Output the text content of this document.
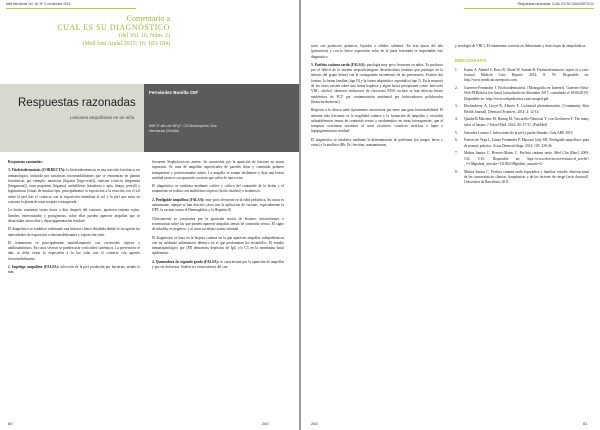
Med fam Andal Vol. 16, Nº 3, noviembre 2015
Comentario a
CUAL ES SU DIAGNÓSTICO
(del Vol. 16, Núm. 2)
(Med fam Andal 2015; 16: 183-184)
Respuestas razonadas
Lesiones ampollosas en un niño
Fernández Bonilla CM¹
MIR 3º año de MFyC. CS Montequinto. Dos Hermanas (Sevilla)

Respuestas razonadas:

3. Fitofotodermatosis (CORRECTA): la fitofotodermatosis es una reacción fototóxica, no inmunológica, inducida por sustancias fotosensibilizantes que se encuentran en plantas fototóxicas, por ejemplo: moráceas (higuera [higo-seuil]), rutáceas (cítricos bergamota [bergamota]), otras purpúreas (higuera), umbelíferas (zanahoria y apio, hinojo, perejil) y leguminosas (frutas de muchas tipo, principalmente la exposición a la reacción con el sol sobre la piel tras el contacto con la exposición inmediata al sol y la piel que entra en contacto la planta de estar mojada o transpirada.

La lesión comienza varias horas o días después del contacto, aparecen eritema rojizo, lineales, entrecruzadas y pruriginosas, sobre ellas pueden aparecer ampollas que se desarrollan varios días y dejan pigmentación residual.

El diagnóstico se establece realizando una historia clínica detallada dónde se recogerán los antecedentes de exposición a fotosensibilizantes y exposición solar.

El tratamiento se principalmente antiinflamatorio con corticoides tópicos y antihistamínicos. En casos severos se pueden usar corticoides sistémicos. La prevención se dan, se debe evitar la exposición a la luz solar tras el contacto con agentes fotosensibilizantes.

1. Impétigo ampolloso (FALSA): infección de la piel producida por bacterias, siendo la más

frecuente Staphylococcus aureus. Se caracteriza por la aparición de lesiones en zonas expuestas. Se trata de ampollas superficiales de paredes finas y contenido primero transparente y posteriormente turbio. La ampolla se rompe fácilmente y deja una lesión residual erosiva con aparición costrosa que cubre de una costra.

El diagnóstico se confirma mediante cultivo y cultivo del contenido de la lesión y el tratamiento se realiza con antibióticos tópicos (ácido fusídico) o sistémicos.

2. Penfigoide ampolloso (FALSA): muy poco frecuente en la edad pediátrica. Su causa es autoinmune, aunque se han descrito casos tras la aplicación de vacunas, especialmente la DPT, la vacuna contra el Haemophilus y la Hepatitis B.

Clínicamente se caracteriza por la aparición inicial de lesiones urticariformes o eccematosas sobre las que pueden aparecer ampollas tensas de contenido seroso. El signo de nikolsky es negativo, y al curar no dejan cicatriz residual.

El diagnóstico se basa en la biopsia cutánea en la que aparecen ampollas subepidérmicas con un infiltrado inflamatorio dérmico en el que predominan los eosinófilos. El estudio inmunopatológico por IFD demuestra depósitos de IgG y/o C3 en la membrana basal epidérmica.

4. Quemadura de segundo grado (FALSA): se caracterizan por la aparición de ampollas y por ser dolorosas. Suelen ser consecuencia del con-

80	282
Respuestas razonadas: CUAL ES SU DIAGNÓSTICO

tacto con productos químicos, líquidos o sólidos calientes. En esta época del año (primavera) y con la breve exposición solar de la parte lesionada se improbable este diagnóstico.

5. Porfiria cutánea tarda (FALSA): patología muy poco frecuente en niños. Es producto por el déficit de la enzima uroporfirinógeno decarboxilasa (enzima que participa en la síntesis del grupo hemo) con el consiguiente incremento de las precursores. Existen dos formas: la forma familiar (tipo II) y la forma adquirida o esporádica (tipo I). En la mayoría de los casos existen sobre una forma hepática y algún factor precipitante como: infección VHC, alcohol, fármacos inductores de citocromo P450, incluso se han descrito brotes epidémicos de PCT por contaminación ambiental por hidrocarburos policlorados (hexaclorobenceno).

Respecto a la clínica suele típicamente caracterizar por tener una gran fotosensibilidad. El síntoma más frecuente es la fragilidad cutánea y la formación de ampollas y vesículas subepidérmicas tensas de contenido seroso o serohemático en áreas fotoexpuestas, que al romperse ocasionan erosiones al curar cicatrices, cicatrices atróficas o hiper o hipopigmentación residual.

El diagnóstico se establece mediante la determinación de porfirinas (en sangre, heces y orina) y la analítica (Hb, Fe, ferritina, transaminasas

y serología de VHC). El tratamiento consiste en flebotomías y dosis bajas de antipalúdicos.

BIBLIOGRAFÍA
1.	Karim A, Ahmed S, Rossi R, Ghani W, Sammi R. Fitofotodermatosis: report of a case. Journal Medical Case Reports 2014; 8: 95. Disponible en: http://www.jmedicalcasereports.com.
2.	Guerrero-Fernández J. Fitofotodermatosis. [Monografía en Internet]. Guerrero-Ortiz: Web PEDiátrica [en línea] [actualizado en diciembre 2017; consultado el 18/06/2015]. Disponible en: http://www.webpediatrica.com/casoped.pdf.
3.	Hockenberry A, Lloyd R, Alberto E. Lichenoid photodermatitis. [Community Skin Health Journal]. Dermatol Frontiers. 2014; 2: 12-14.
4.	Quadrelli Martinez M, Haring M, Vaccarello-Neurosal Y, von Gerdoeren F. The many sides of herpes. J Travel Med. 2012; 20: 27-31. [PubMed]
5.	Saavedra Lozano J. Infecciones de la piel y partes blandas. Guía ABE 2019.
6.	Fuertes de Vega L, Iranzo Fernández P, Mascaró Galy JM. Penfigoide ampolloso: guía de manejo práctico. Actas Dermosifiliogr. 2014; 105: 328-46.
7.	Muñoz Santos C, Herrero-Mateu C. Porfiria cutánea tarda. Med Clin (Barc) 2009; 133: 5-10. Disponible en: http://www.elsevier.es/revistas/ctl_servlet?_f=10&pident_articulo=13138219&pident_usuario=0.
8.	Muñoz Santos C. Porfiria cutánea tarda esporádica y familiar: estudio observacional de las características clínicas, bioquímicas y de los factores de riesgo [tesis doctoral]. Universitat de Barcelona; 2011.
283	81
